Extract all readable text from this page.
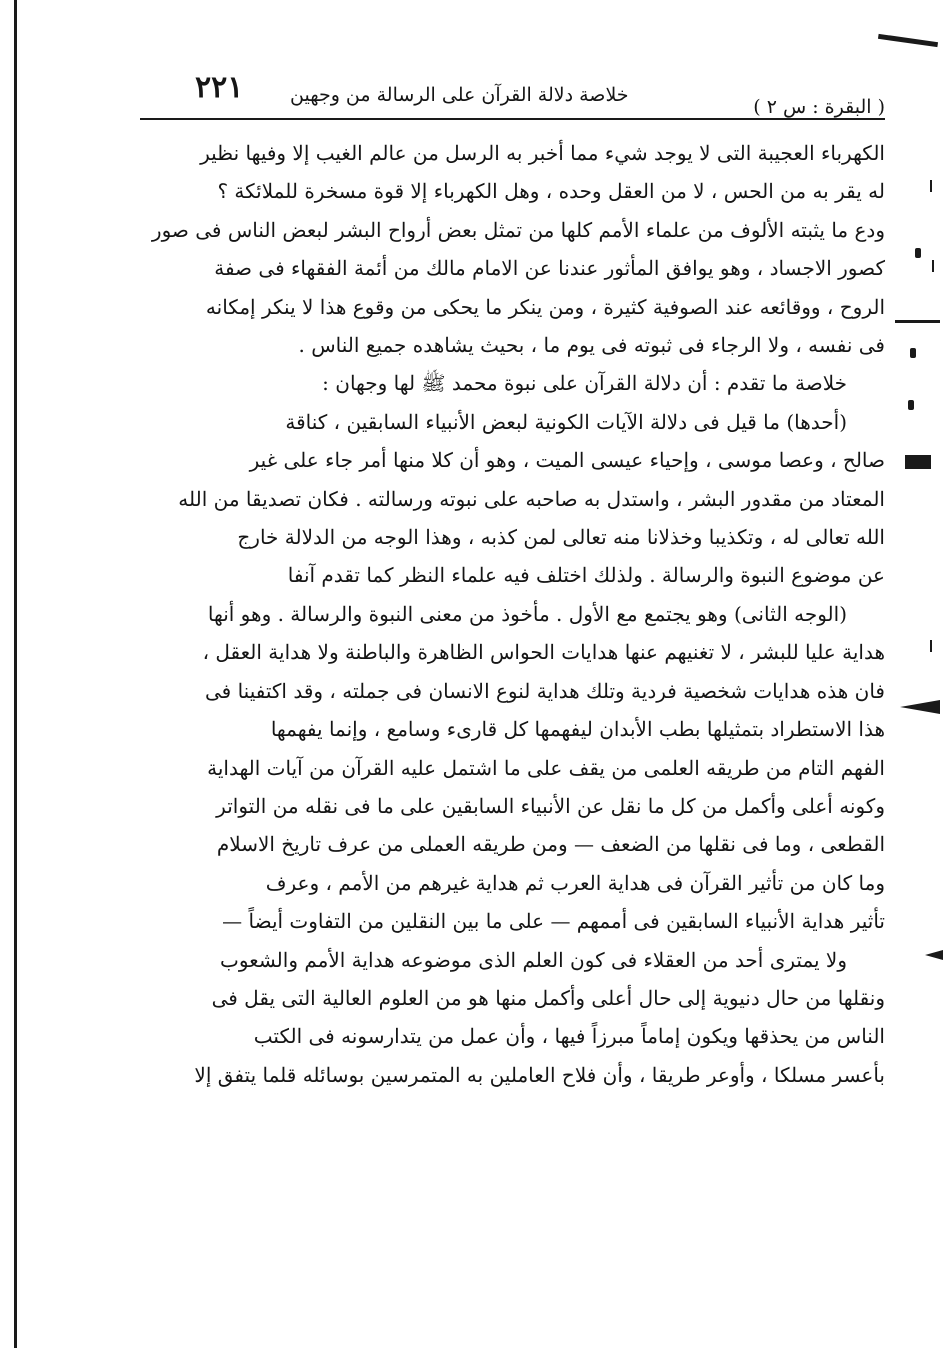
٢٢١ خلاصة دلالة القرآن على الرسالة من وجهين
( البقرة : س ٢ )

الكهرباء العجيبة التى لا يوجد شيء مما أخبر به الرسل من عالم الغيب إلا وفيها نظير

له يقر به من الحس ، لا من العقل وحده ، وهل الكهرباء إلا قوة مسخرة للملائكة ؟

ودع ما يثبته الألوف من علماء الأمم كلها من تمثل بعض أرواح البشر لبعض الناس فى صور

كصور الاجساد ، وهو يوافق المأثور عندنا عن الامام مالك من أئمة الفقهاء فى صفة

الروح ، ووقائعه عند الصوفية كثيرة ، ومن ينكر ما يحكى من وقوع هذا لا ينكر إمكانه

فى نفسه ، ولا الرجاء فى ثبوته فى يوم ما ، بحيث يشاهده جميع الناس .

خلاصة ما تقدم : أن دلالة القرآن على نبوة محمد ﷺ لها وجهان :

(أحدها) ما قيل فى دلالة الآيات الكونية لبعض الأنبياء السابقين ، كناقة

صالح ، وعصا موسى ، وإحياء عيسى الميت ، وهو أن كلا منها أمر جاء على غير

المعتاد من مقدور البشر ، واستدل به صاحبه على نبوته ورسالته . فكان تصديقا من الله

الله تعالى له ، وتكذيبا وخذلانا منه تعالى لمن كذبه ، وهذا الوجه من الدلالة خارج

عن موضوع النبوة والرسالة . ولذلك اختلف فيه علماء النظر كما تقدم آنفا

(الوجه الثانى) وهو يجتمع مع الأول . مأخوذ من معنى النبوة والرسالة . وهو أنها

هداية عليا للبشر ، لا تغنيهم عنها هدايات الحواس الظاهرة والباطنة ولا هداية العقل ،

فان هذه هدايات شخصية فردية وتلك هداية لنوع الانسان فى جملته ، وقد اكتفينا فى

هذا الاستطراد بتمثيلها بطب الأبدان ليفهمها كل قارىء وسامع ، وإنما يفهمها

الفهم التام من طريقه العلمى من يقف على ما اشتمل عليه القرآن من آيات الهداية

وكونه أعلى وأكمل من كل ما نقل عن الأنبياء السابقين على ما فى نقله من التواتر

القطعى ، وما فى نقلها من الضعف — ومن طريقه العملى من عرف تاريخ الاسلام

وما كان من تأثير القرآن فى هداية العرب ثم هداية غيرهم من الأمم ، وعرف

تأثير هداية الأنبياء السابقين فى أممهم — على ما بين النقلين من التفاوت أيضاً —

ولا يمترى أحد من العقلاء فى كون العلم الذى موضوعه هداية الأمم والشعوب

ونقلها من حال دنيوية إلى حال أعلى وأكمل منها هو من العلوم العالية التى يقل فى

الناس من يحذقها ويكون إماماً مبرزاً فيها ، وأن عمل من يتدارسونه فى الكتب

بأعسر مسلكا ، وأوعر طريقا ، وأن فلاح العاملين به المتمرسين بوسائله قلما يتفق إلا
